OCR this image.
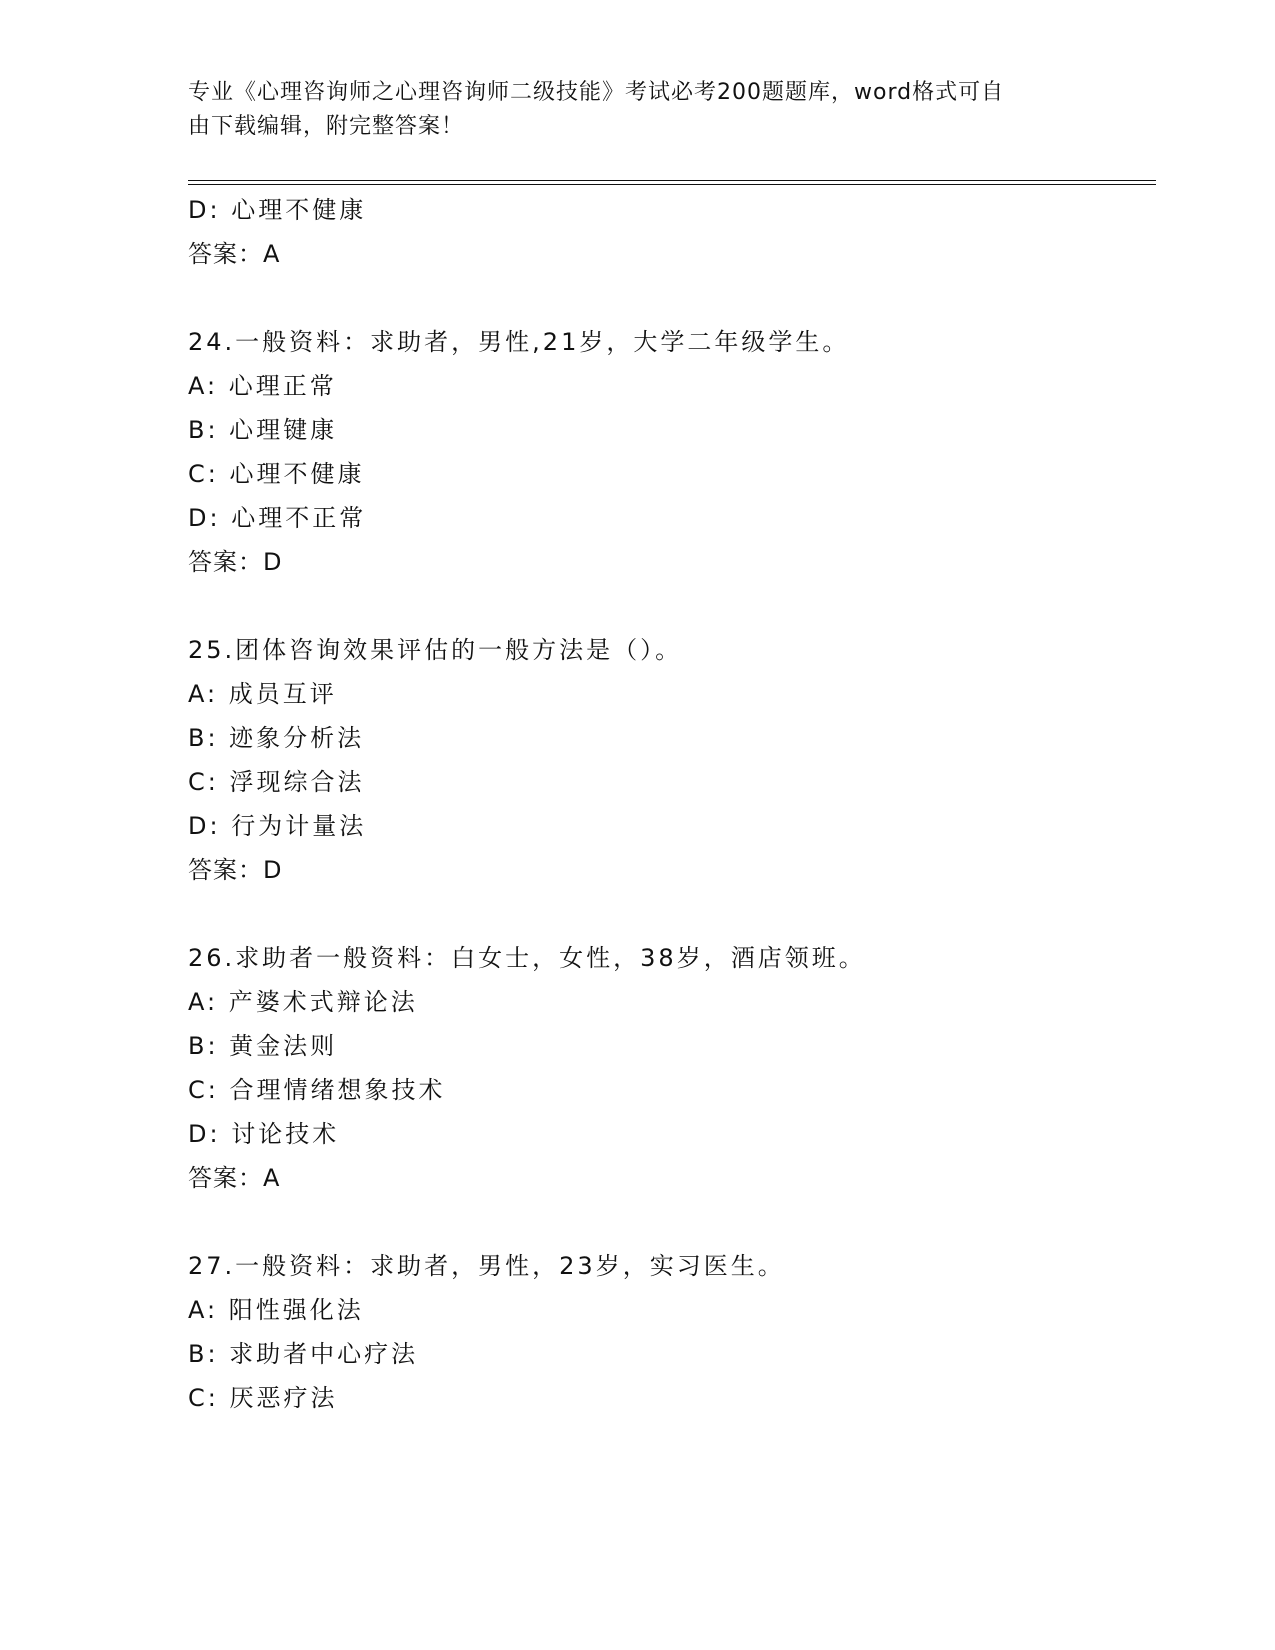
专业《心理咨询师之心理咨询师二级技能》考试必考200题题库，word格式可自
由下载编辑，附完整答案！
D: 心理不健康
答案：A
24.一般资料：求助者，男性,21岁，大学二年级学生。
A: 心理正常
B: 心理键康
C: 心理不健康
D: 心理不正常
答案：D
25.团体咨询效果评估的一般方法是（）。
A: 成员互评
B: 迹象分析法
C: 浮现综合法
D: 行为计量法
答案：D
26.求助者一般资料：白女士，女性，38岁，酒店领班。
A: 产婆术式辩论法
B: 黄金法则
C: 合理情绪想象技术
D: 讨论技术
答案：A
27.一般资料：求助者，男性，23岁，实习医生。
A: 阳性强化法
B: 求助者中心疗法
C: 厌恶疗法
